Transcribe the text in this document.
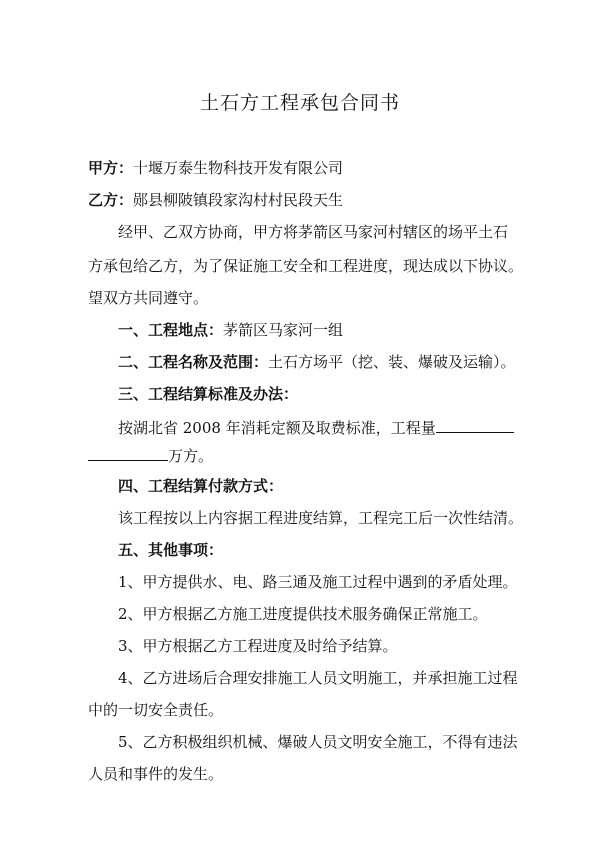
土石方工程承包合同书
甲方：十堰万泰生物科技开发有限公司
乙方：郧县柳陂镇段家沟村村民段天生
经甲、乙双方协商，甲方将茅箭区马家河村辖区的场平土石
方承包给乙方，为了保证施工安全和工程进度，现达成以下协议。
望双方共同遵守。
一、工程地点：茅箭区马家河一组
二、工程名称及范围：土石方场平（挖、装、爆破及运输）。
三、工程结算标准及办法：
按湖北省 2008 年消耗定额及取费标准，工程量
万方。
四、工程结算付款方式：
该工程按以上内容据工程进度结算，工程完工后一次性结清。
五、其他事项：
1、甲方提供水、电、路三通及施工过程中遇到的矛盾处理。
2、甲方根据乙方施工进度提供技术服务确保正常施工。
3、甲方根据乙方工程进度及时给予结算。
4、乙方进场后合理安排施工人员文明施工，并承担施工过程
中的一切安全责任。
5、乙方积极组织机械、爆破人员文明安全施工，不得有违法
人员和事件的发生。
